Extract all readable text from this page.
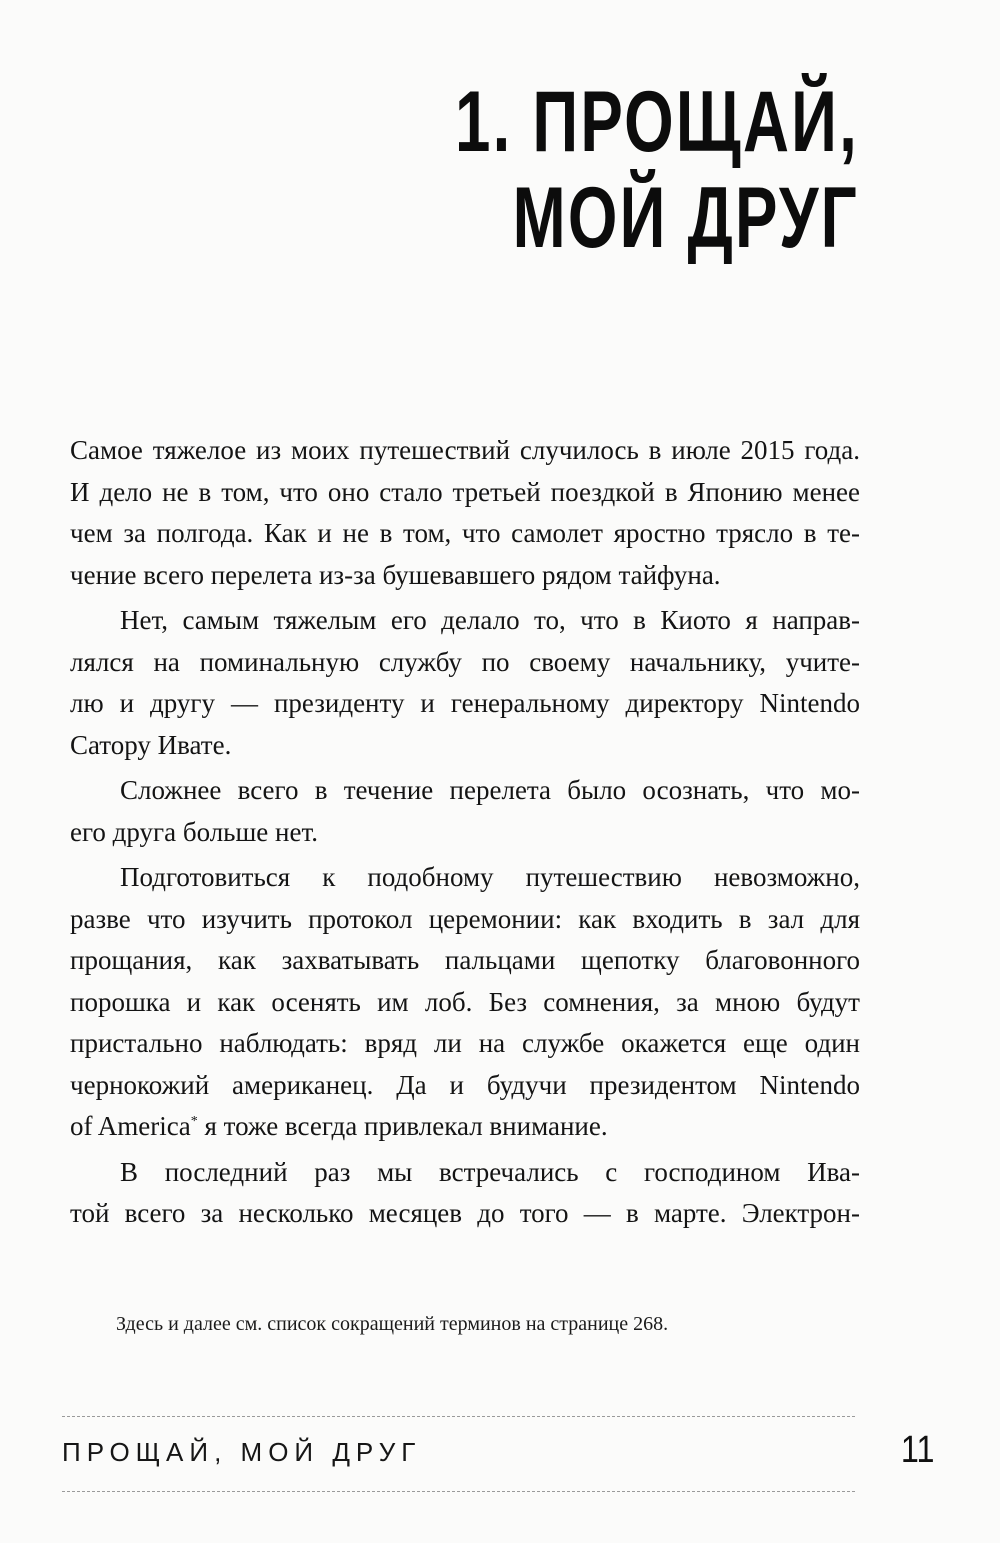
1. ПРОЩАЙ,
МОЙ ДРУГ
Самое тяжелое из моих путешествий случилось в июле 2015 года.
И дело не в том, что оно стало третьей поездкой в Японию менее
чем за полгода. Как и не в том, что самолет яростно трясло в те-
чение всего перелета из-за бушевавшего рядом тайфуна.
Нет, самым тяжелым его делало то, что в Киото я направ-
лялся на поминальную службу по своему начальнику, учите-
лю и другу — президенту и генеральному директору Nintendo
Сатору Ивате.
Сложнее всего в течение перелета было осознать, что мо-
его друга больше нет.
Подготовиться к подобному путешествию невозможно,
разве что изучить протокол церемонии: как входить в зал для
прощания, как захватывать пальцами щепотку благовонного
порошка и как осенять им лоб. Без сомнения, за мною будут
пристально наблюдать: вряд ли на службе окажется еще один
чернокожий американец. Да и будучи президентом Nintendo
of America* я тоже всегда привлекал внимание.
В последний раз мы встречались с господином Ива-
той всего за несколько месяцев до того — в марте. Электрон-
Здесь и далее см. список сокращений терминов на странице 268.
ПРОЩАЙ, МОЙ ДРУГ	11
